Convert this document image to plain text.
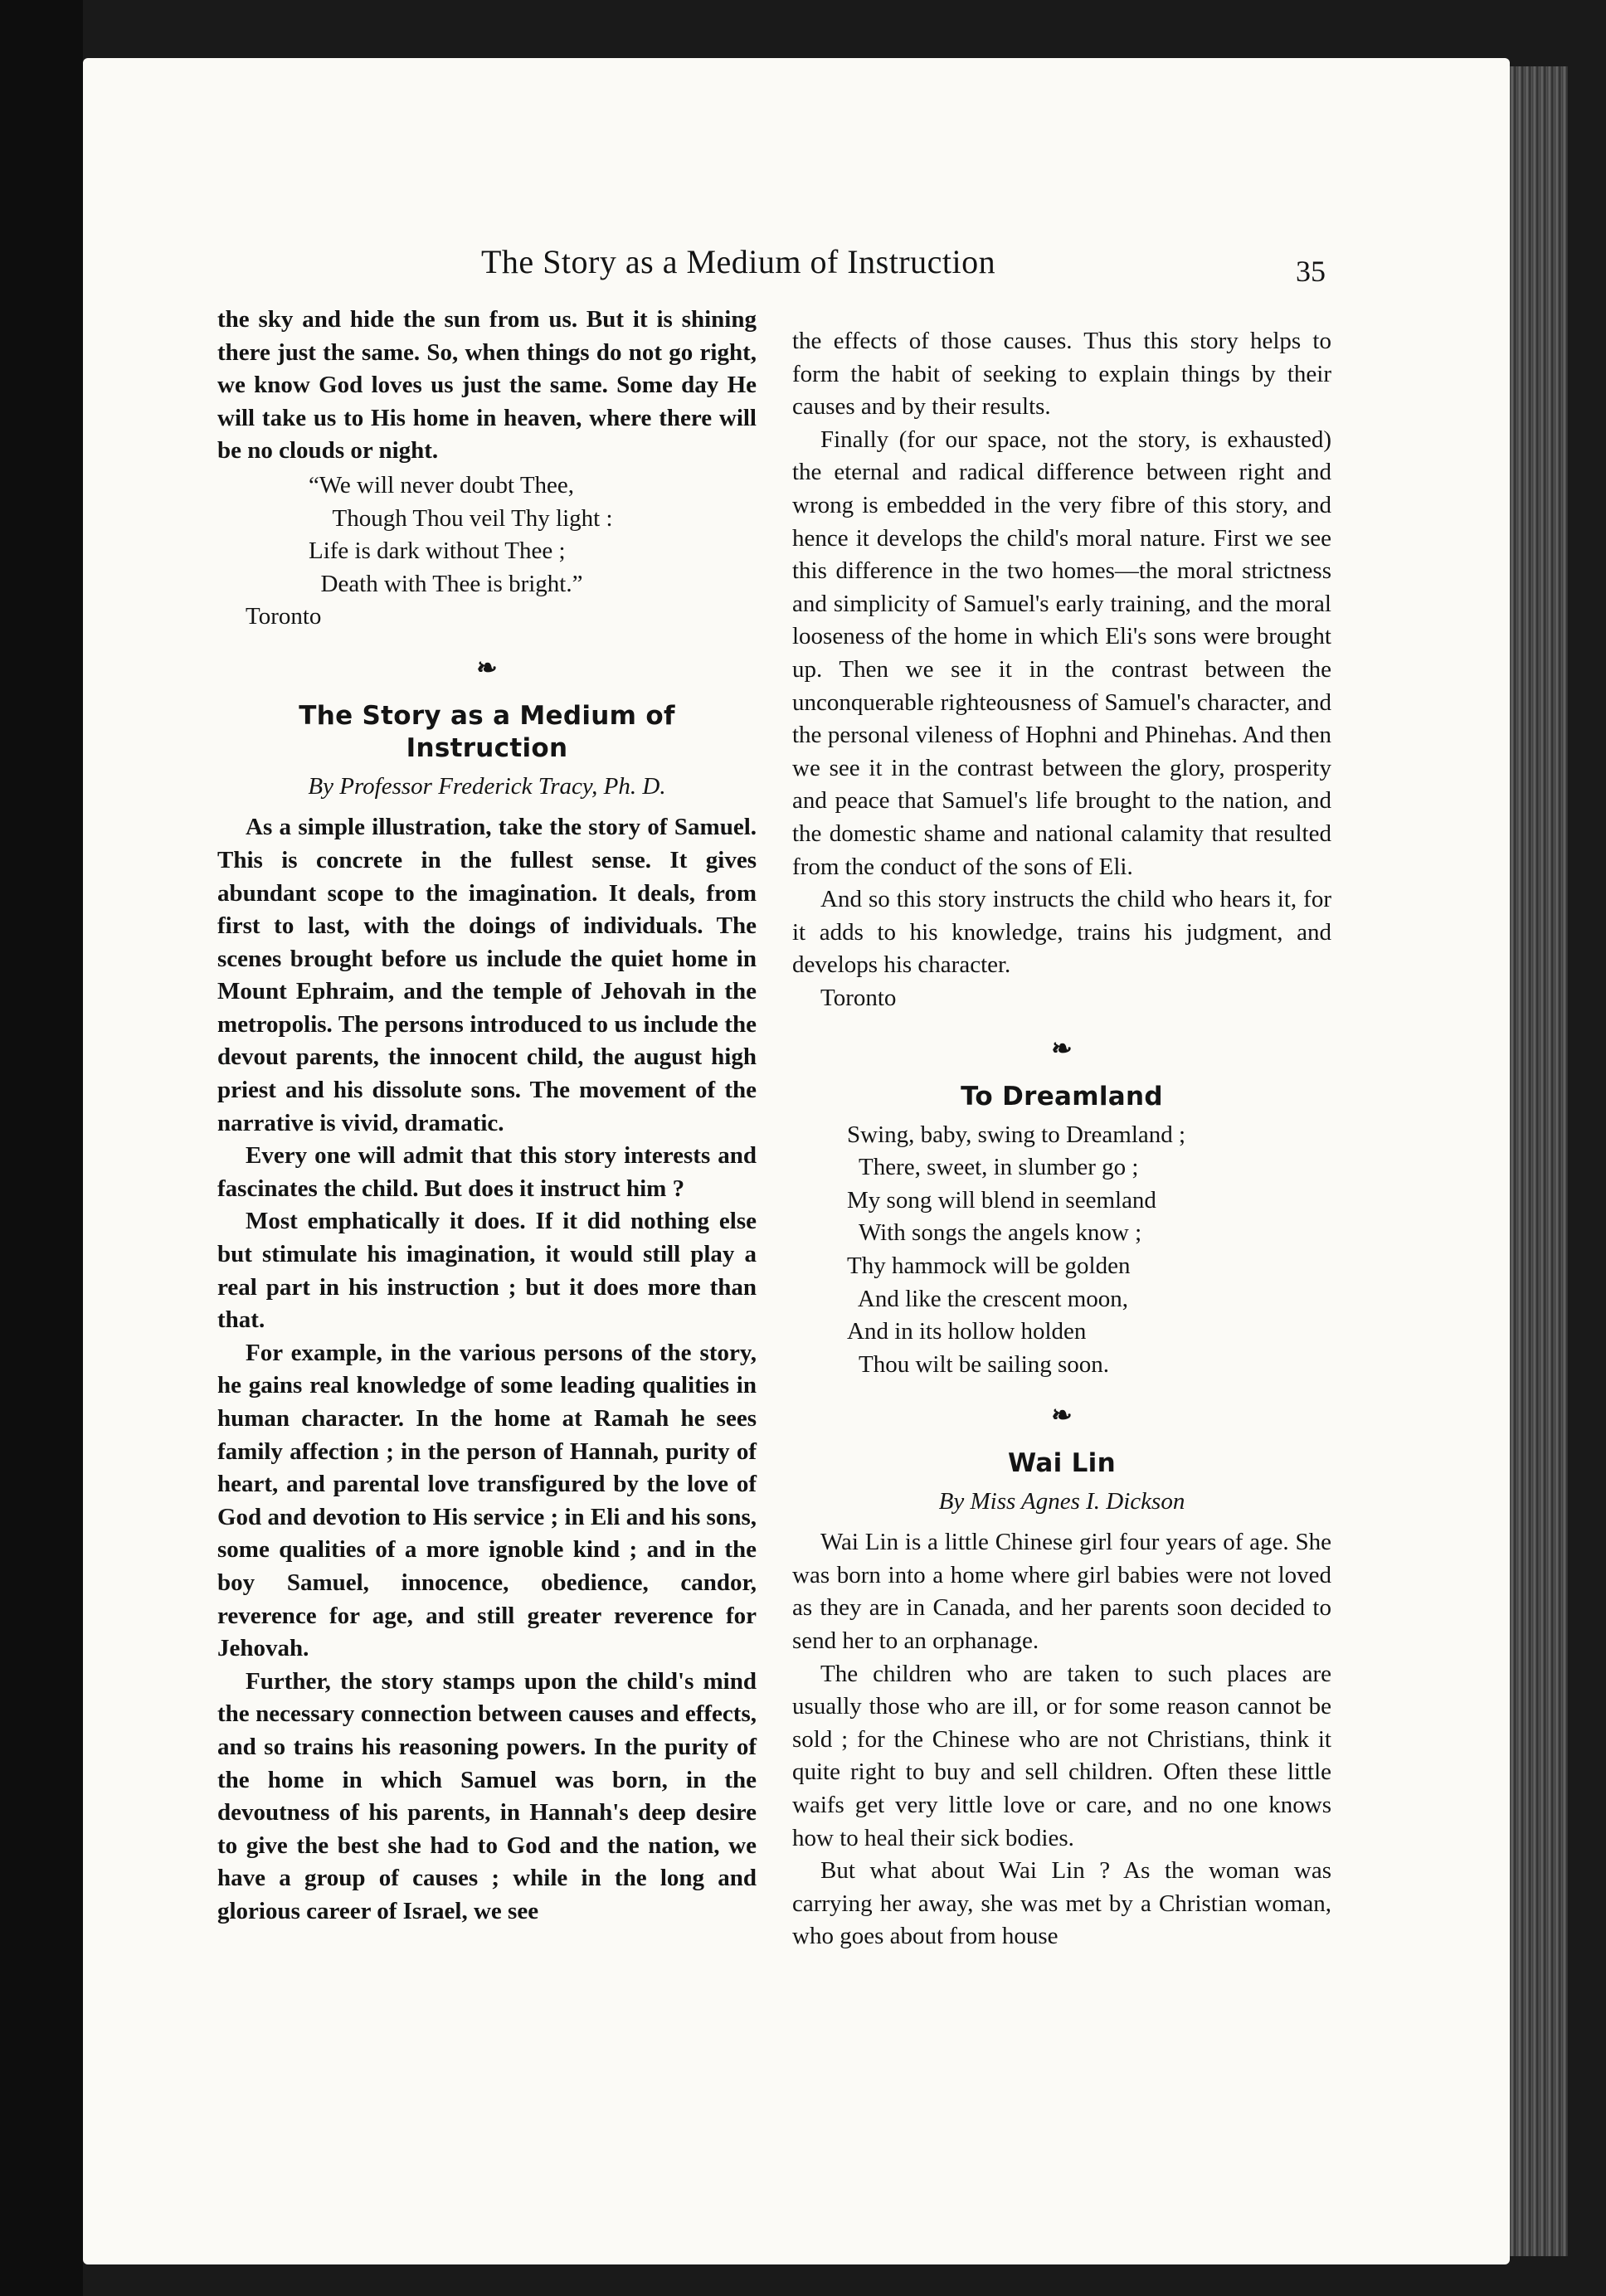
The Story as a Medium of Instruction	35

the sky and hide the sun from us. But it is shining there just the same. So, when things do not go right, we know God loves us just the same. Some day He will take us to His home in heaven, where there will be no clouds or night.

“We will never doubt Thee,
Though Thou veil Thy light :
Life is dark without Thee ;
Death with Thee is bright.”
Toronto
❧
The Story as a Medium of Instruction
By Professor Frederick Tracy, Ph. D.

As a simple illustration, take the story of Samuel. This is concrete in the fullest sense. It gives abundant scope to the imagination. It deals, from first to last, with the doings of individuals. The scenes brought before us include the quiet home in Mount Ephraim, and the temple of Jehovah in the metropolis. The persons introduced to us include the devout parents, the innocent child, the august high priest and his dissolute sons. The movement of the narrative is vivid, dramatic.

Every one will admit that this story interests and fascinates the child. But does it instruct him ?

Most emphatically it does. If it did nothing else but stimulate his imagination, it would still play a real part in his instruction ; but it does more than that.

For example, in the various persons of the story, he gains real knowledge of some leading qualities in human character. In the home at Ramah he sees family affection ; in the person of Hannah, purity of heart, and parental love transfigured by the love of God and devotion to His service ; in Eli and his sons, some qualities of a more ignoble kind ; and in the boy Samuel, innocence, obedience, candor, reverence for age, and still greater reverence for Jehovah.

Further, the story stamps upon the child's mind the necessary connection between causes and effects, and so trains his reasoning powers. In the purity of the home in which Samuel was born, in the devoutness of his parents, in Hannah's deep desire to give the best she had to God and the nation, we have a group of causes ; while in the long and glorious career of Israel, we see

the effects of those causes. Thus this story helps to form the habit of seeking to explain things by their causes and by their results.

Finally (for our space, not the story, is exhausted) the eternal and radical difference between right and wrong is embedded in the very fibre of this story, and hence it develops the child's moral nature. First we see this difference in the two homes—the moral strictness and simplicity of Samuel's early training, and the moral looseness of the home in which Eli's sons were brought up. Then we see it in the contrast between the unconquerable righteousness of Samuel's character, and the personal vileness of Hophni and Phinehas. And then we see it in the contrast between the glory, prosperity and peace that Samuel's life brought to the nation, and the domestic shame and national calamity that resulted from the conduct of the sons of Eli.

And so this story instructs the child who hears it, for it adds to his knowledge, trains his judgment, and develops his character.

Toronto
❧
To Dreamland
Swing, baby, swing to Dreamland ;
There, sweet, in slumber go ;
My song will blend in seemland
With songs the angels know ;
Thy hammock will be golden
And like the crescent moon,
And in its hollow holden
Thou wilt be sailing soon.
❧
Wai Lin
By Miss Agnes I. Dickson

Wai Lin is a little Chinese girl four years of age. She was born into a home where girl babies were not loved as they are in Canada, and her parents soon decided to send her to an orphanage.

The children who are taken to such places are usually those who are ill, or for some reason cannot be sold ; for the Chinese who are not Christians, think it quite right to buy and sell children. Often these little waifs get very little love or care, and no one knows how to heal their sick bodies.

But what about Wai Lin ? As the woman was carrying her away, she was met by a Christian woman, who goes about from house
